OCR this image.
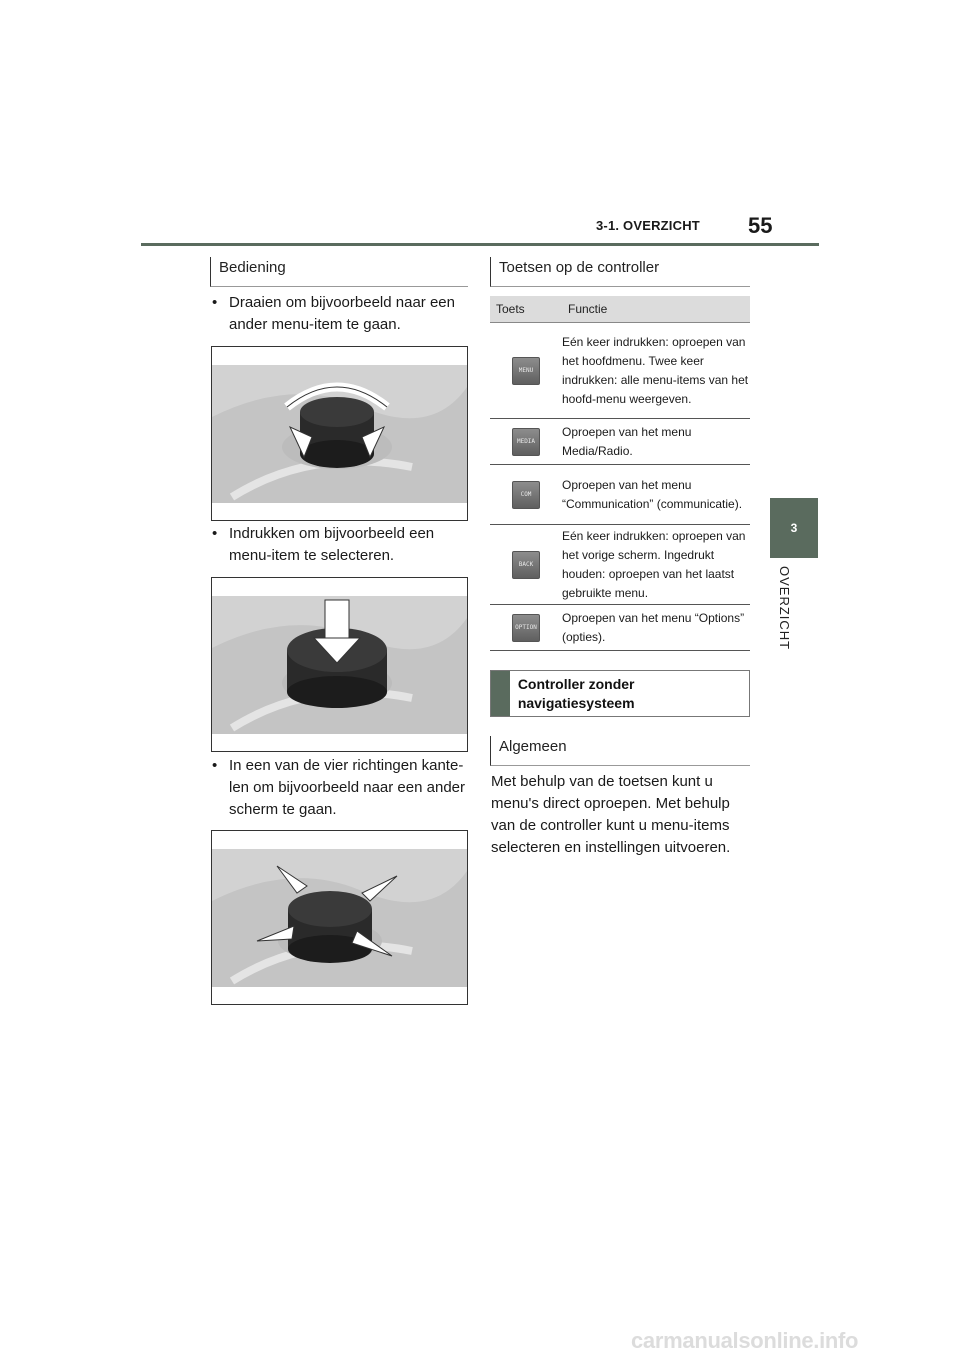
3-1. OVERZICHT 55
3
OVERZICHT
Bediening
• Draaien om bijvoorbeeld naar een ander menu-item te gaan.
• Indrukken om bijvoorbeeld een menu-item te selecteren.
• In een van de vier richtingen kante-len om bijvoorbeeld naar een ander scherm te gaan.
Toetsen op de controller
Toets	Functie
MENU
Eén keer indrukken: oproepen van het hoofdmenu. Twee keer indrukken: alle menu-items van het hoofd-menu weergeven.
MEDIA
Oproepen van het menu Media/Radio.
COM
Oproepen van het menu “Communication” (communicatie).
BACK
Eén keer indrukken: oproepen van het vorige scherm. Ingedrukt houden: oproepen van het laatst gebruikte menu.
OPTION
Oproepen van het menu “Options” (opties).
Controller zonder navigatiesysteem
Algemeen
Met behulp van de toetsen kunt u menu's direct oproepen. Met behulp van de controller kunt u menu-items selecteren en instellingen uitvoeren.
carmanualsonline.info
